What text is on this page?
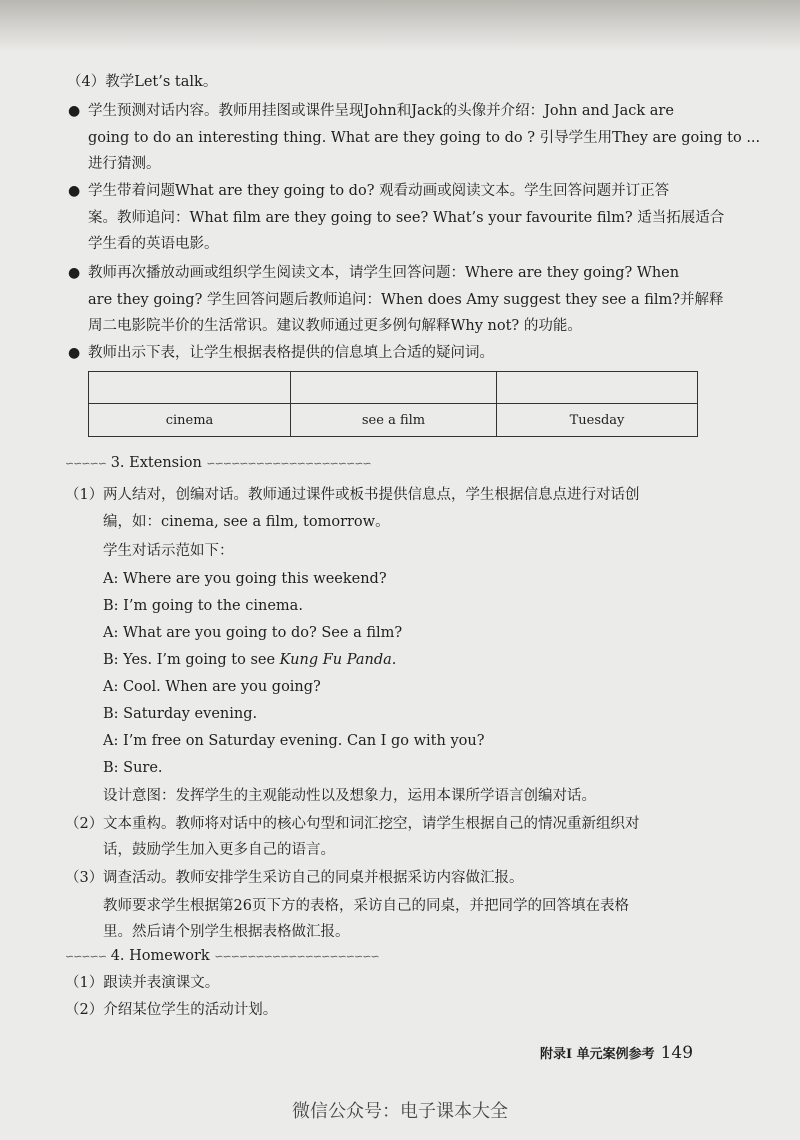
（4）教学Let’s talk。
● 学生预测对话内容。教师用挂图或课件呈现John和Jack的头像并介绍：John and Jack are
going to do an interesting thing. What are they going to do ? 引导学生用They are going to ...
进行猜测。
● 学生带着问题What are they going to do? 观看动画或阅读文本。学生回答问题并订正答
案。教师追问：What film are they going to see? What’s your favourite film? 适当拓展适合
学生看的英语电影。
● 教师再次播放动画或组织学生阅读文本，请学生回答问题：Where are they going? When
are they going? 学生回答问题后教师追问：When does Amy suggest they see a film?并解释
周二电影院半价的生活常识。建议教师通过更多例句解释Why not? 的功能。
● 教师出示下表，让学生根据表格提供的信息填上合适的疑问词。
cinema	see a film	Tuesday
∽∽∽∽∽ 3. Extension ∽∽∽∽∽∽∽∽∽∽∽∽∽∽∽∽∽∽∽∽
（1） 两人结对，创编对话。教师通过课件或板书提供信息点，学生根据信息点进行对话创
编，如：cinema, see a film, tomorrow。
学生对话示范如下：
A: Where are you going this weekend?
B: I’m going to the cinema.
A: What are you going to do? See a film?
B: Yes. I’m going to see Kung Fu Panda.
A: Cool. When are you going?
B: Saturday evening.
A: I’m free on Saturday evening. Can I go with you?
B: Sure.
设计意图：发挥学生的主观能动性以及想象力，运用本课所学语言创编对话。
（2） 文本重构。教师将对话中的核心句型和词汇挖空，请学生根据自己的情况重新组织对
话，鼓励学生加入更多自己的语言。
（3） 调查活动。教师安排学生采访自己的同桌并根据采访内容做汇报。
教师要求学生根据第26页下方的表格，采访自己的同桌，并把同学的回答填在表格
里。然后请个别学生根据表格做汇报。
∽∽∽∽∽ 4. Homework ∽∽∽∽∽∽∽∽∽∽∽∽∽∽∽∽∽∽∽∽
（1）跟读并表演课文。
（2）介绍某位学生的活动计划。
附录Ⅰ 单元案例参考 149
微信公众号：电子课本大全
